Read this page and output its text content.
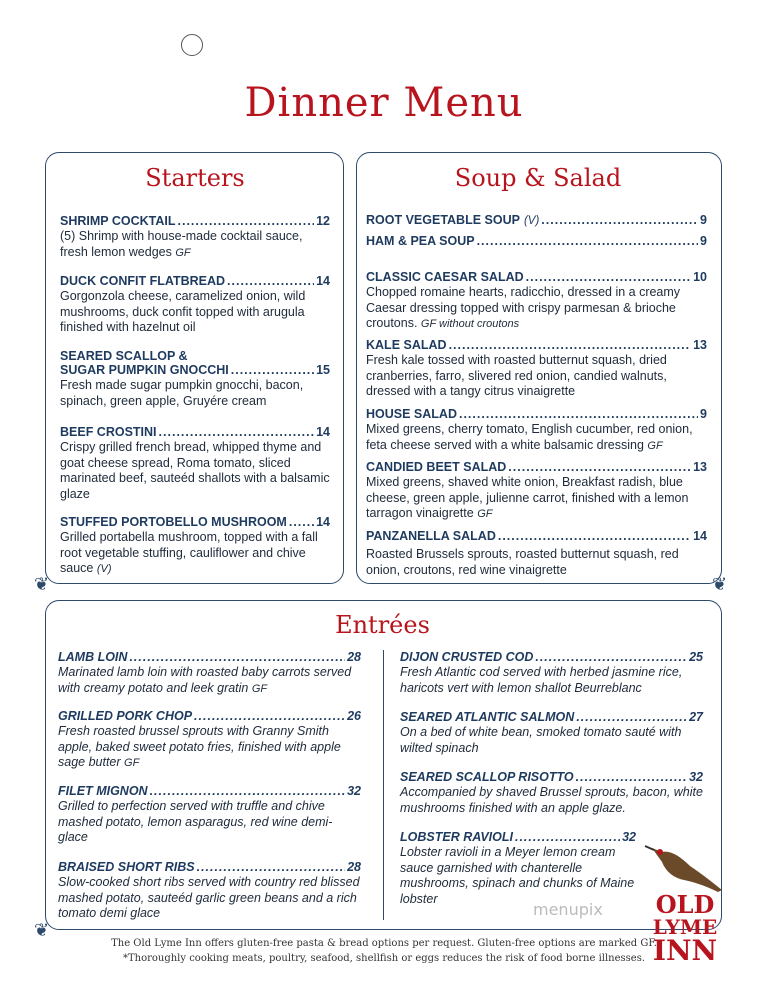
Dinner Menu
Starters
SHRIMP COCKTAIL .....	12
(5) Shrimp with house-made cocktail sauce, fresh lemon wedges GF
DUCK CONFIT FLATBREAD .....	14
Gorgonzola cheese, caramelized onion, wild mushrooms, duck confit topped with arugula finished with hazelnut oil
SEARED SCALLOP &
SUGAR PUMPKIN GNOCCHI .....	15
Fresh made sugar pumpkin gnocchi, bacon, spinach, green apple, Gruyére cream
BEEF CROSTINI .....	14
Crispy grilled french bread, whipped thyme and goat cheese spread, Roma tomato, sliced marinated beef, sauteéd shallots with a balsamic glaze
STUFFED PORTOBELLO MUSHROOM ..... 14
Grilled portabella mushroom, topped with a fall root vegetable stuffing, cauliflower and chive sauce (V)
Soup & Salad
ROOT VEGETABLE SOUP (V) .....	9
HAM & PEA SOUP .....	9
CLASSIC CAESAR SALAD .....	10
Chopped romaine hearts, radicchio, dressed in a creamy Caesar dressing topped with crispy parmesan & brioche croutons. GF without croutons
KALE SALAD .....	13
Fresh kale tossed with roasted butternut squash, dried cranberries, farro, slivered red onion, candied walnuts, dressed with a tangy citrus vinaigrette
HOUSE SALAD .....	9
Mixed greens, cherry tomato, English cucumber, red onion, feta cheese served with a white balsamic dressing GF
CANDIED BEET SALAD .....	13
Mixed greens, shaved white onion, Breakfast radish, blue cheese, green apple, julienne carrot, finished with a lemon tarragon vinaigrette GF
PANZANELLA SALAD .....	14
Roasted Brussels sprouts, roasted butternut squash, red onion, croutons, red wine vinaigrette
❦	❦
Entrées
LAMB LOIN .....	28
Marinated lamb loin with roasted baby carrots served with creamy potato and leek gratin GF
GRILLED PORK CHOP .....	26
Fresh roasted brussel sprouts with Granny Smith apple, baked sweet potato fries, finished with apple sage butter GF
FILET MIGNON .....	32
Grilled to perfection served with truffle and chive mashed potato, lemon asparagus, red wine demi-glace
BRAISED SHORT RIBS .....	28
Slow-cooked short ribs served with country red blissed mashed potato, sauteéd garlic green beans and a rich tomato demi glace
DIJON CRUSTED COD .....	25
Fresh Atlantic cod served with herbed jasmine rice, haricots vert with lemon shallot Beurreblanc
SEARED ATLANTIC SALMON .....	27
On a bed of white bean, smoked tomato sauté with wilted spinach
SEARED SCALLOP RISOTTO .....	32
Accompanied by shaved Brussel sprouts, bacon, white mushrooms finished with an apple glaze.
LOBSTER RAVIOLI .....	32
Lobster ravioli in a Meyer lemon cream sauce garnished with chanterelle mushrooms, spinach and chunks of Maine lobster
❦
menupix	OLD
LYME
INN
The Old Lyme Inn offers gluten-free pasta & bread options per request. Gluten-free options are marked GF.
*Thoroughly cooking meats, poultry, seafood, shellfish or eggs reduces the risk of food borne illnesses.
